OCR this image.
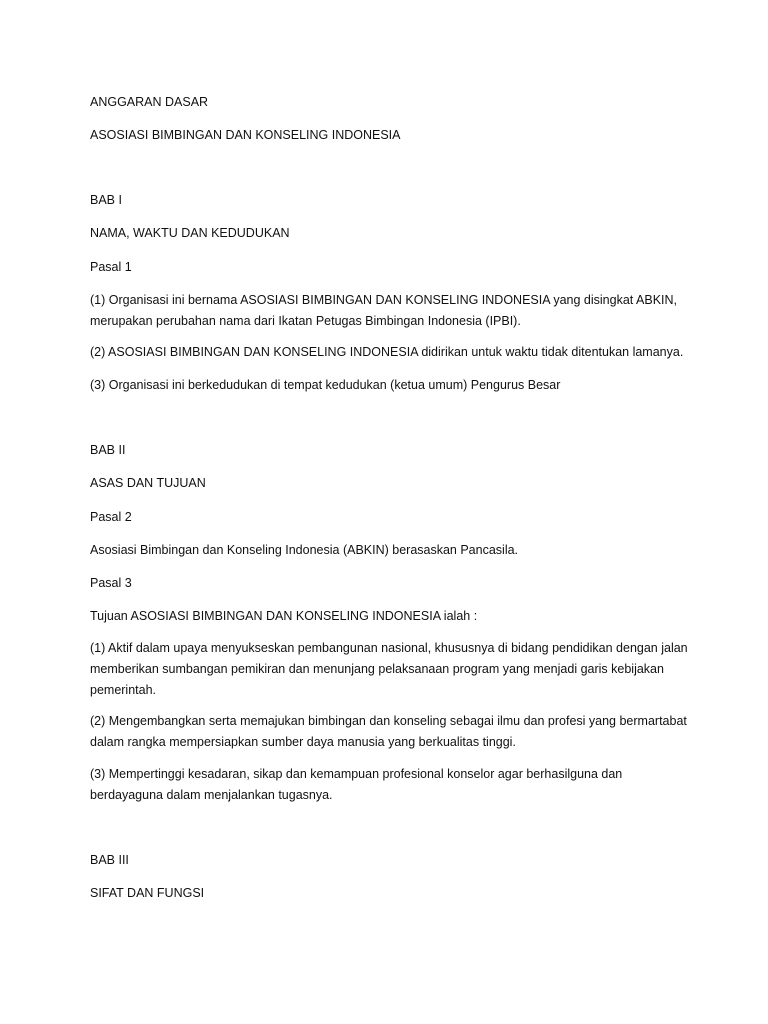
ANGGARAN DASAR

ASOSIASI BIMBINGAN DAN KONSELING INDONESIA

BAB I

NAMA, WAKTU DAN KEDUDUKAN

Pasal 1

(1) Organisasi ini bernama ASOSIASI BIMBINGAN DAN KONSELING INDONESIA yang disingkat ABKIN, merupakan perubahan nama dari Ikatan Petugas Bimbingan Indonesia (IPBI).

(2) ASOSIASI BIMBINGAN DAN KONSELING INDONESIA didirikan untuk waktu tidak ditentukan lamanya.

(3) Organisasi ini berkedudukan di tempat kedudukan (ketua umum) Pengurus Besar

BAB II

ASAS DAN TUJUAN

Pasal 2

Asosiasi Bimbingan dan Konseling Indonesia (ABKIN) berasaskan Pancasila.

Pasal 3

Tujuan ASOSIASI BIMBINGAN DAN KONSELING INDONESIA ialah :

(1) Aktif dalam upaya menyukseskan pembangunan nasional, khususnya di bidang pendidikan dengan jalan memberikan sumbangan pemikiran dan menunjang pelaksanaan program yang menjadi garis kebijakan pemerintah.

(2) Mengembangkan serta memajukan bimbingan dan konseling sebagai ilmu dan profesi yang bermartabat dalam rangka mempersiapkan sumber daya manusia yang berkualitas tinggi.

(3) Mempertinggi kesadaran, sikap dan kemampuan profesional konselor agar berhasilguna dan berdayaguna dalam menjalankan tugasnya.

BAB III

SIFAT DAN FUNGSI
